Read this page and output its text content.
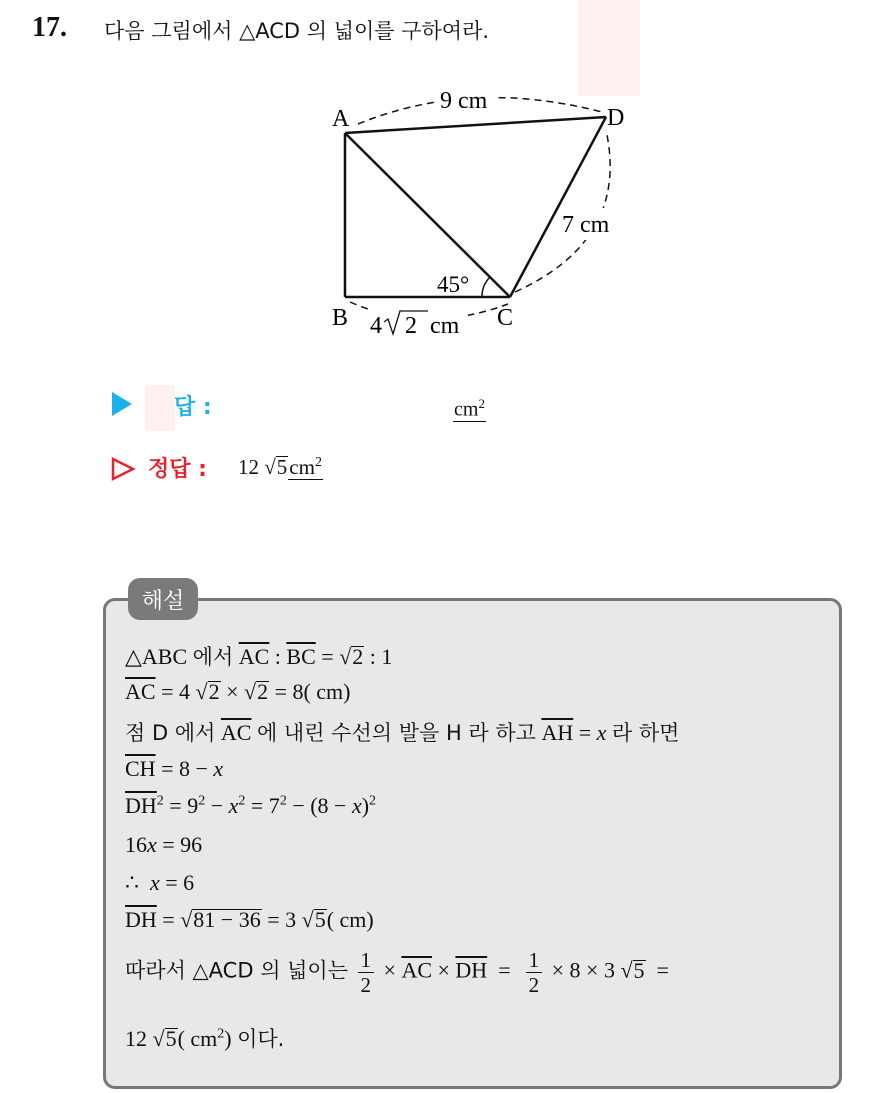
17. 다음 그림에서 △ACD 의 넓이를 구하여라.
A	D
B	C
9 cm
7 cm
45°
4 2 cm
답 :	$cm^2$
정답 : 12 $√5cm^2$
해설
△ABC 에서 $\overline{AC}$ : $\overline{BC} = √2$ : 1
$\overline{AC} = 4$ √2 × √2 = 8( cm)
점 D 에서 $\overline{AC}$ 에 내린 수선의 발을 H 라 하고 $\overline{AH} = x$ 라 하면
$\overline{CH} = 8 - x$
$\overline{DH}^2 = 9^2 - x^2 = 7^2 - (8 - x)^2$
16x = 96
∴ x = 6
$\overline{DH} = √81 - 36 = 3$ √5( cm)
따라서 △ACD 의 넓이는 $\frac{1}{2} \times \overline{AC} \times \overline{DH} = \frac{1}{2} \times 8 \times 3$ √5 =
12 √5( $cm^2$) 이다.
